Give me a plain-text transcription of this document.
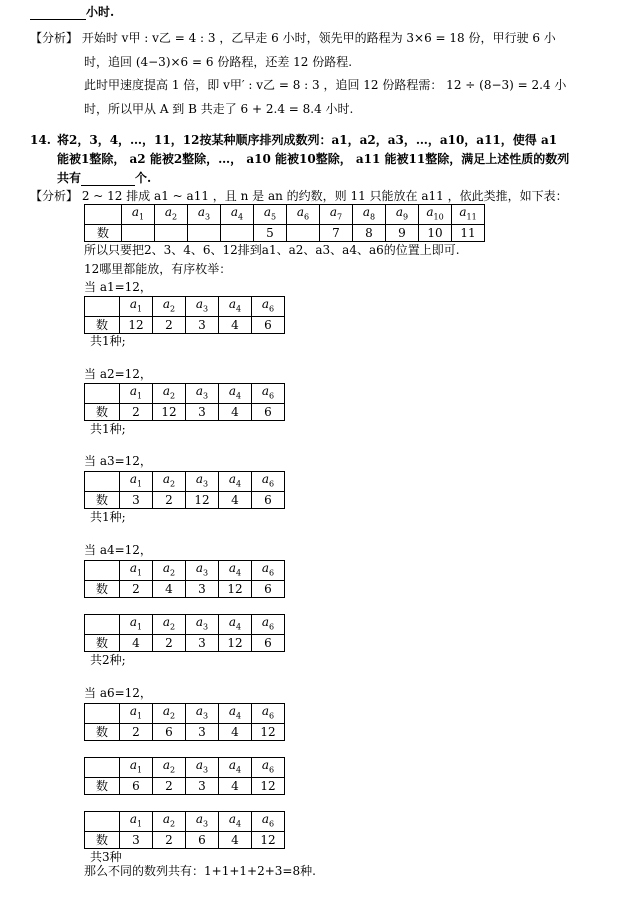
小时.
【分析】 开始时 v甲 : v乙 = 4 : 3 ，乙早走 6 小时，领先甲的路程为 3×6 = 18 份，甲行驶 6 小
时，追回 (4−3)×6 = 6 份路程，还差 12 份路程.
此时甲速度提高 1 倍，即 v甲′ : v乙 = 8 : 3 ，追回 12 份路程需： 12 ÷ (8−3) = 2.4 小
时，所以甲从 A 到 B 共走了 6 + 2.4 = 8.4 小时.
14. 将2，3，4，…，11，12按某种顺序排列成数列：a1，a2，a3，…，a10，a11，使得 a1
能被1整除， a2 能被2整除，…， a10 能被10整除， a11 能被11整除，满足上述性质的数列
共有	个.
【分析】 2 ~ 12 排成 a1 ~ a11 ，且 n 是 an 的约数，则 11 只能放在 a11 ，依此类推，如下表：
	$a_1$	$a_2$	$a_3$	$a_4$	$a_5$	$a_6$	$a_7$	$a_8$	$a_9$	$a_{10}$	$a_{11}$
数					5		7	8	9	10	11
所以只要把2、3、4、6、12排到a1、a2、a3、a4、a6的位置上即可.
12哪里都能放，有序枚举：
当 a1=12，
	$a_1$	$a_2$	$a_3$	$a_4$	$a_6$
数	12	2	3	4	6
共1种;
当 a2=12，
	$a_1$	$a_2$	$a_3$	$a_4$	$a_6$
数	2	12	3	4	6
共1种;
当 a3=12，
	$a_1$	$a_2$	$a_3$	$a_4$	$a_6$
数	3	2	12	4	6
共1种;
当 a4=12，
	$a_1$	$a_2$	$a_3$	$a_4$	$a_6$
数	2	4	3	12	6
	$a_1$	$a_2$	$a_3$	$a_4$	$a_6$
数	4	2	3	12	6
共2种;
当 a6=12，
	$a_1$	$a_2$	$a_3$	$a_4$	$a_6$
数	2	6	3	4	12
	$a_1$	$a_2$	$a_3$	$a_4$	$a_6$
数	6	2	3	4	12
	$a_1$	$a_2$	$a_3$	$a_4$	$a_6$
数	3	2	6	4	12
共3种
那么不同的数列共有：1+1+1+2+3=8种.
